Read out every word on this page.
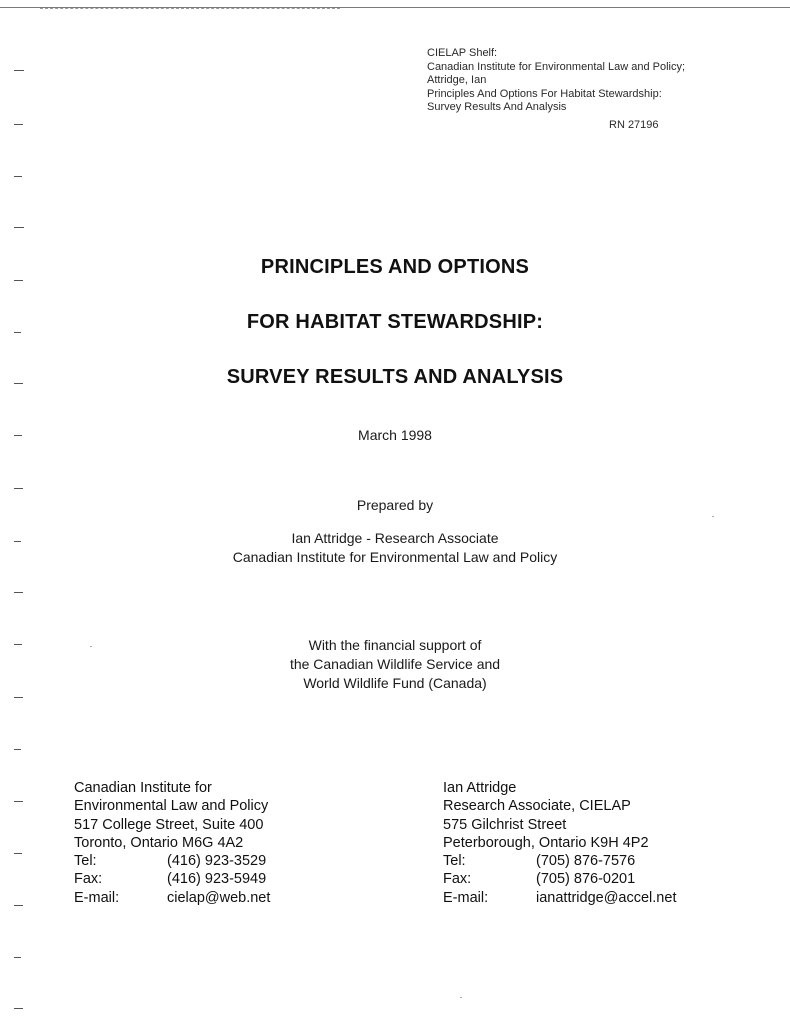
CIELAP Shelf:
Canadian Institute for Environmental Law and Policy;
Attridge, Ian
Principles And Options For Habitat Stewardship:
Survey Results And Analysis
RN 27196
PRINCIPLES AND OPTIONS
FOR HABITAT STEWARDSHIP:
SURVEY RESULTS AND ANALYSIS
March 1998
Prepared by
Ian Attridge - Research Associate
Canadian Institute for Environmental Law and Policy
With the financial support of
the Canadian Wildlife Service and
World Wildlife Fund (Canada)
Canadian Institute for
Environmental Law and Policy
517 College Street, Suite 400
Toronto, Ontario M6G 4A2
Tel:	(416) 923-3529
Fax:	(416) 923-5949
E-mail:	cielap@web.net
Ian Attridge
Research Associate, CIELAP
575 Gilchrist Street
Peterborough, Ontario K9H 4P2
Tel:	(705) 876-7576
Fax:	(705) 876-0201
E-mail:	ianattridge@accel.net
